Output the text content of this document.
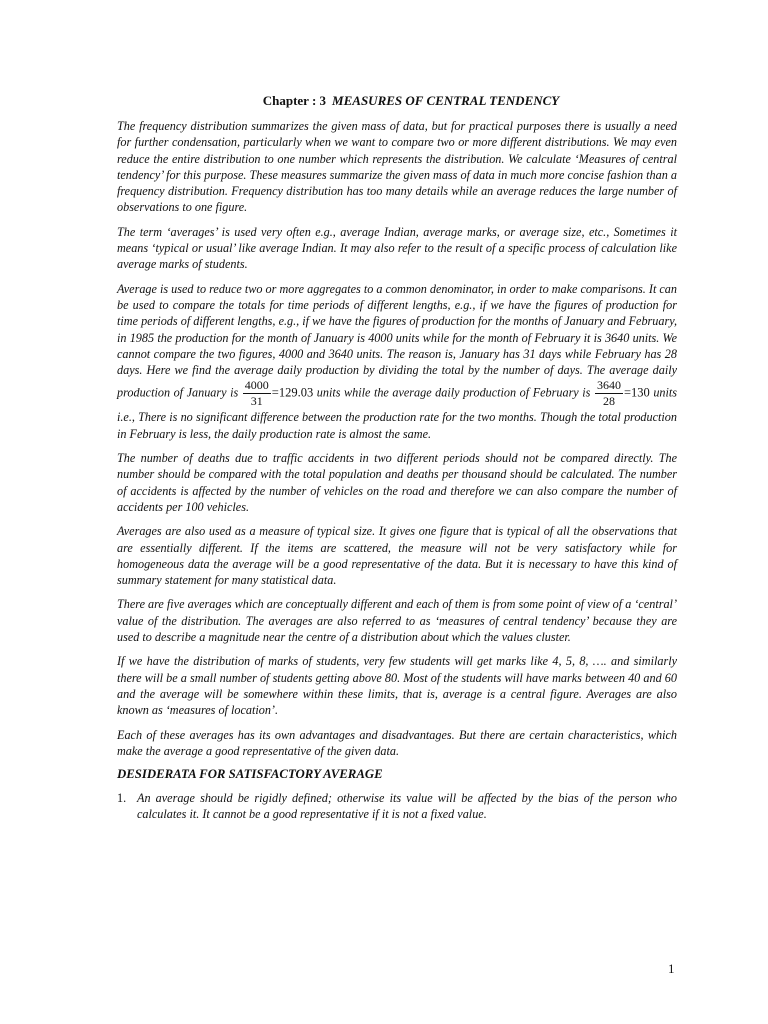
Chapter : 3 MEASURES OF CENTRAL TENDENCY

The frequency distribution summarizes the given mass of data, but for practical purposes there is usually a need for further condensation, particularly when we want to compare two or more different distributions. We may even reduce the entire distribution to one number which represents the distribution. We calculate ‘Measures of central tendency’ for this purpose. These measures summarize the given mass of data in much more concise fashion than a frequency distribution. Frequency distribution has too many details while an average reduces the large number of observations to one figure.

The term ‘averages’ is used very often e.g., average Indian, average marks, or average size, etc., Sometimes it means ‘typical or usual’ like average Indian. It may also refer to the result of a specific process of calculation like average marks of students.

Average is used to reduce two or more aggregates to a common denominator, in order to make comparisons. It can be used to compare the totals for time periods of different lengths, e.g., if we have the figures of production for time periods of different lengths, e.g., if we have the figures of production for the months of January and February, in 1985 the production for the month of January is 4000 units while for the month of February it is 3640 units. We cannot compare the two figures, 4000 and 3640 units. The reason is, January has 31 days while February has 28 days. Here we find the average daily production by dividing the total by the number of days. The average daily production of January is $\frac{4000}{31} =129.03$ units while the average daily production of February is $\frac{3640}{28} =130$ units i.e., There is no significant difference between the production rate for the two months. Though the total production in February is less, the daily production rate is almost the same.

The number of deaths due to traffic accidents in two different periods should not be compared directly. The number should be compared with the total population and deaths per thousand should be calculated. The number of accidents is affected by the number of vehicles on the road and therefore we can also compare the number of accidents per 100 vehicles.

Averages are also used as a measure of typical size. It gives one figure that is typical of all the observations that are essentially different. If the items are scattered, the measure will not be very satisfactory while for homogeneous data the average will be a good representative of the data. But it is necessary to have this kind of summary statement for many statistical data.

There are five averages which are conceptually different and each of them is from some point of view of a ‘central’ value of the distribution. The averages are also referred to as ‘measures of central tendency’ because they are used to describe a magnitude near the centre of a distribution about which the values cluster.

If we have the distribution of marks of students, very few students will get marks like 4, 5, 8, …. and similarly there will be a small number of students getting above 80. Most of the students will have marks between 40 and 60 and the average will be somewhere within these limits, that is, average is a central figure. Averages are also known as ‘measures of location’.

Each of these averages has its own advantages and disadvantages. But there are certain characteristics, which make the average a good representative of the given data.

DESIDERATA FOR SATISFACTORY AVERAGE

1. An average should be rigidly defined; otherwise its value will be affected by the bias of the person who calculates it. It cannot be a good representative if it is not a fixed value.

1
